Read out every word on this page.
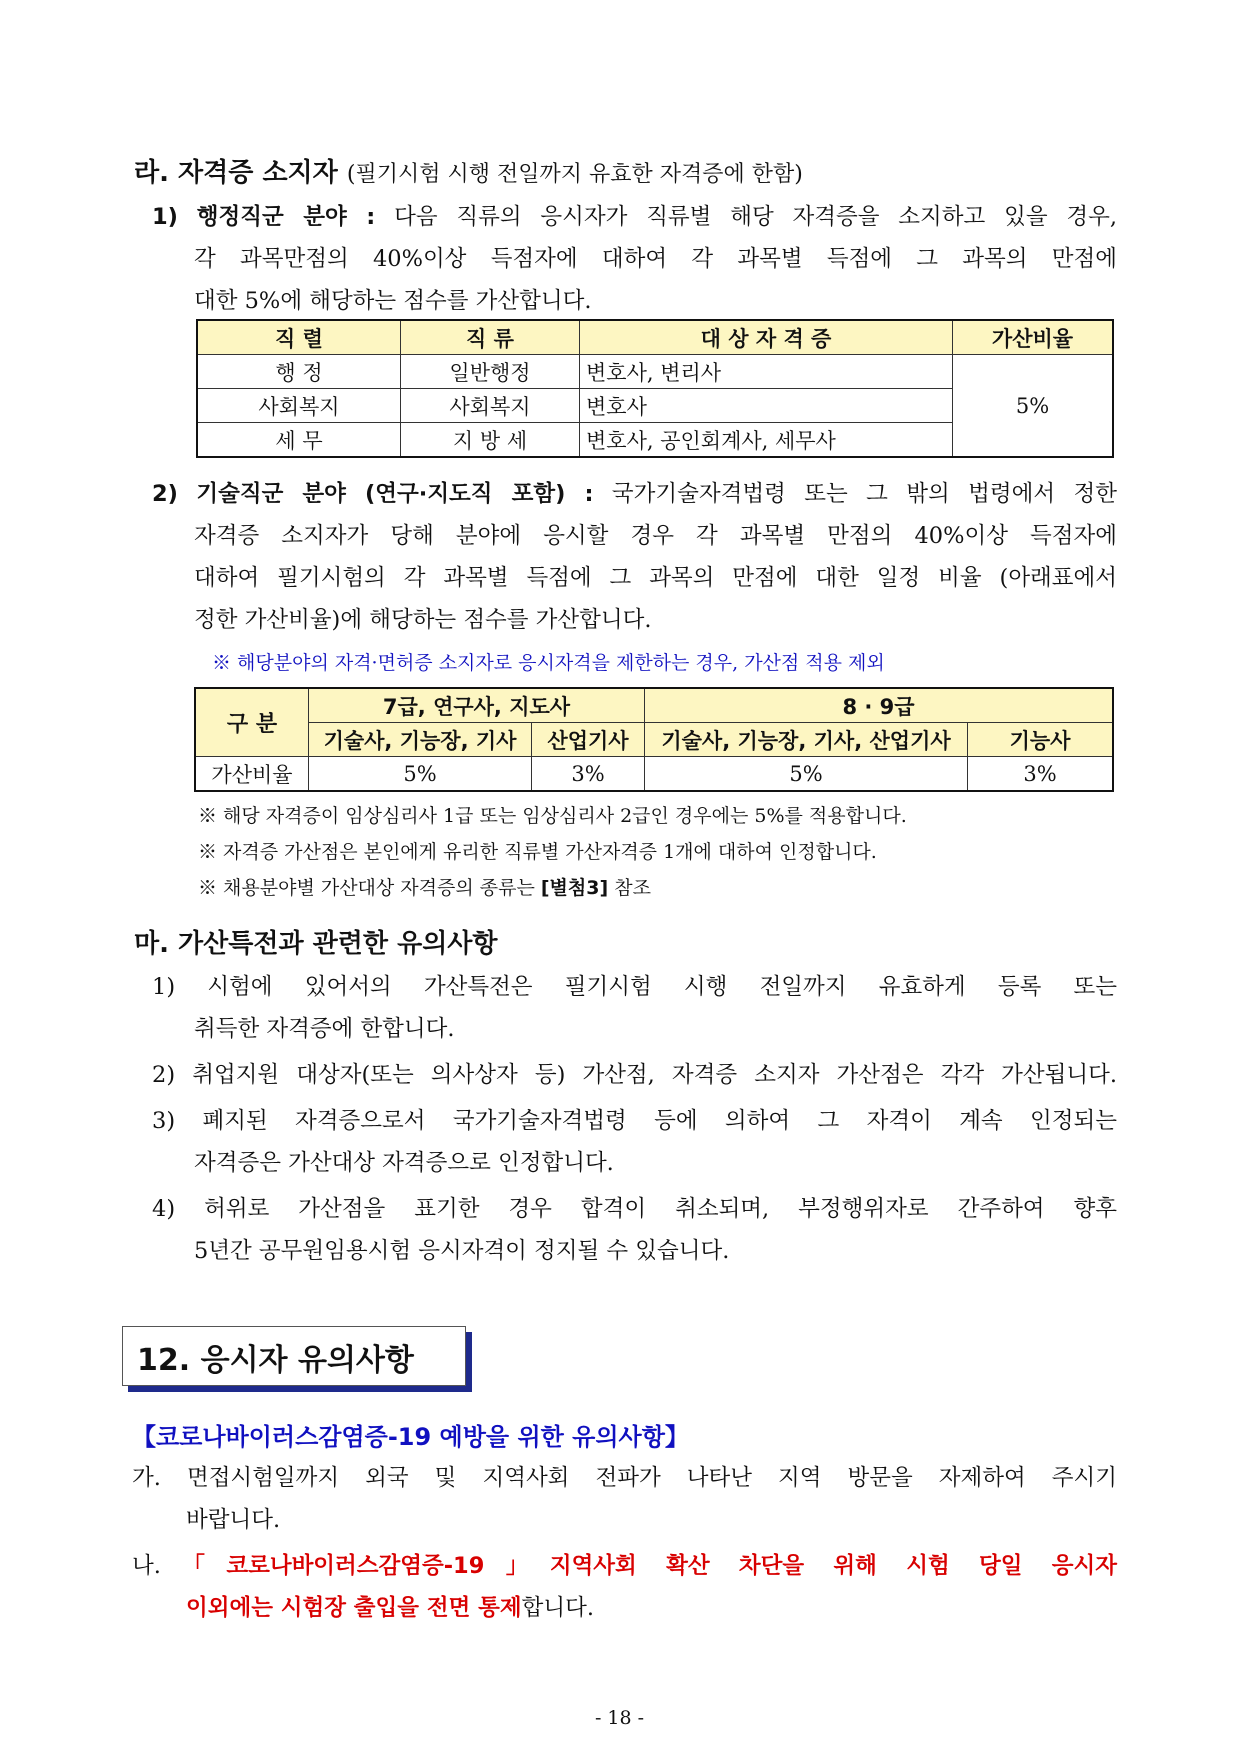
라. 자격증 소지자 (필기시험 시행 전일까지 유효한 자격증에 한함)
1) 행정직군 분야 : 다음 직류의 응시자가 직류별 해당 자격증을 소지하고 있을 경우,
각 과목만점의 40%이상 득점자에 대하여 각 과목별 득점에 그 과목의 만점에
대한 5%에 해당하는 점수를 가산합니다.
직 렬	직 류	대 상 자 격 증	가산비율
행 정	일반행정	변호사, 변리사	5%
사회복지	사회복지	변호사	
세 무	지 방 세	변호사, 공인회계사, 세무사	
2) 기술직군 분야 (연구·지도직 포함) : 국가기술자격법령 또는 그 밖의 법령에서 정한
자격증 소지자가 당해 분야에 응시할 경우 각 과목별 만점의 40%이상 득점자에
대하여 필기시험의 각 과목별 득점에 그 과목의 만점에 대한 일정 비율 (아래표에서
정한 가산비율)에 해당하는 점수를 가산합니다.
※ 해당분야의 자격·면허증 소지자로 응시자격을 제한하는 경우, 가산점 적용 제외
구 분	7급, 연구사, 지도사		8 · 9급	
	기술사, 기능장, 기사	산업기사	기술사, 기능장, 기사, 산업기사	기능사
가산비율	5%	3%	5%	3%
※ 해당 자격증이 임상심리사 1급 또는 임상심리사 2급인 경우에는 5%를 적용합니다.
※ 자격증 가산점은 본인에게 유리한 직류별 가산자격증 1개에 대하여 인정합니다.
※ 채용분야별 가산대상 자격증의 종류는 [별첨3] 참조
마. 가산특전과 관련한 유의사항
1) 시험에 있어서의 가산특전은 필기시험 시행 전일까지 유효하게 등록 또는
취득한 자격증에 한합니다.
2) 취업지원 대상자(또는 의사상자 등) 가산점, 자격증 소지자 가산점은 각각 가산됩니다.
3) 폐지된 자격증으로서 국가기술자격법령 등에 의하여 그 자격이 계속 인정되는
자격증은 가산대상 자격증으로 인정합니다.
4) 허위로 가산점을 표기한 경우 합격이 취소되며, 부정행위자로 간주하여 향후
5년간 공무원임용시험 응시자격이 정지될 수 있습니다.
12. 응시자 유의사항
【코로나바이러스감염증-19 예방을 위한 유의사항】
가. 면접시험일까지 외국 및 지역사회 전파가 나타난 지역 방문을 자제하여 주시기
바랍니다.
나.「코로나바이러스감염증-19」지역사회 확산 차단을 위해 시험 당일 응시자
이외에는 시험장 출입을 전면 통제합니다.
- 18 -
